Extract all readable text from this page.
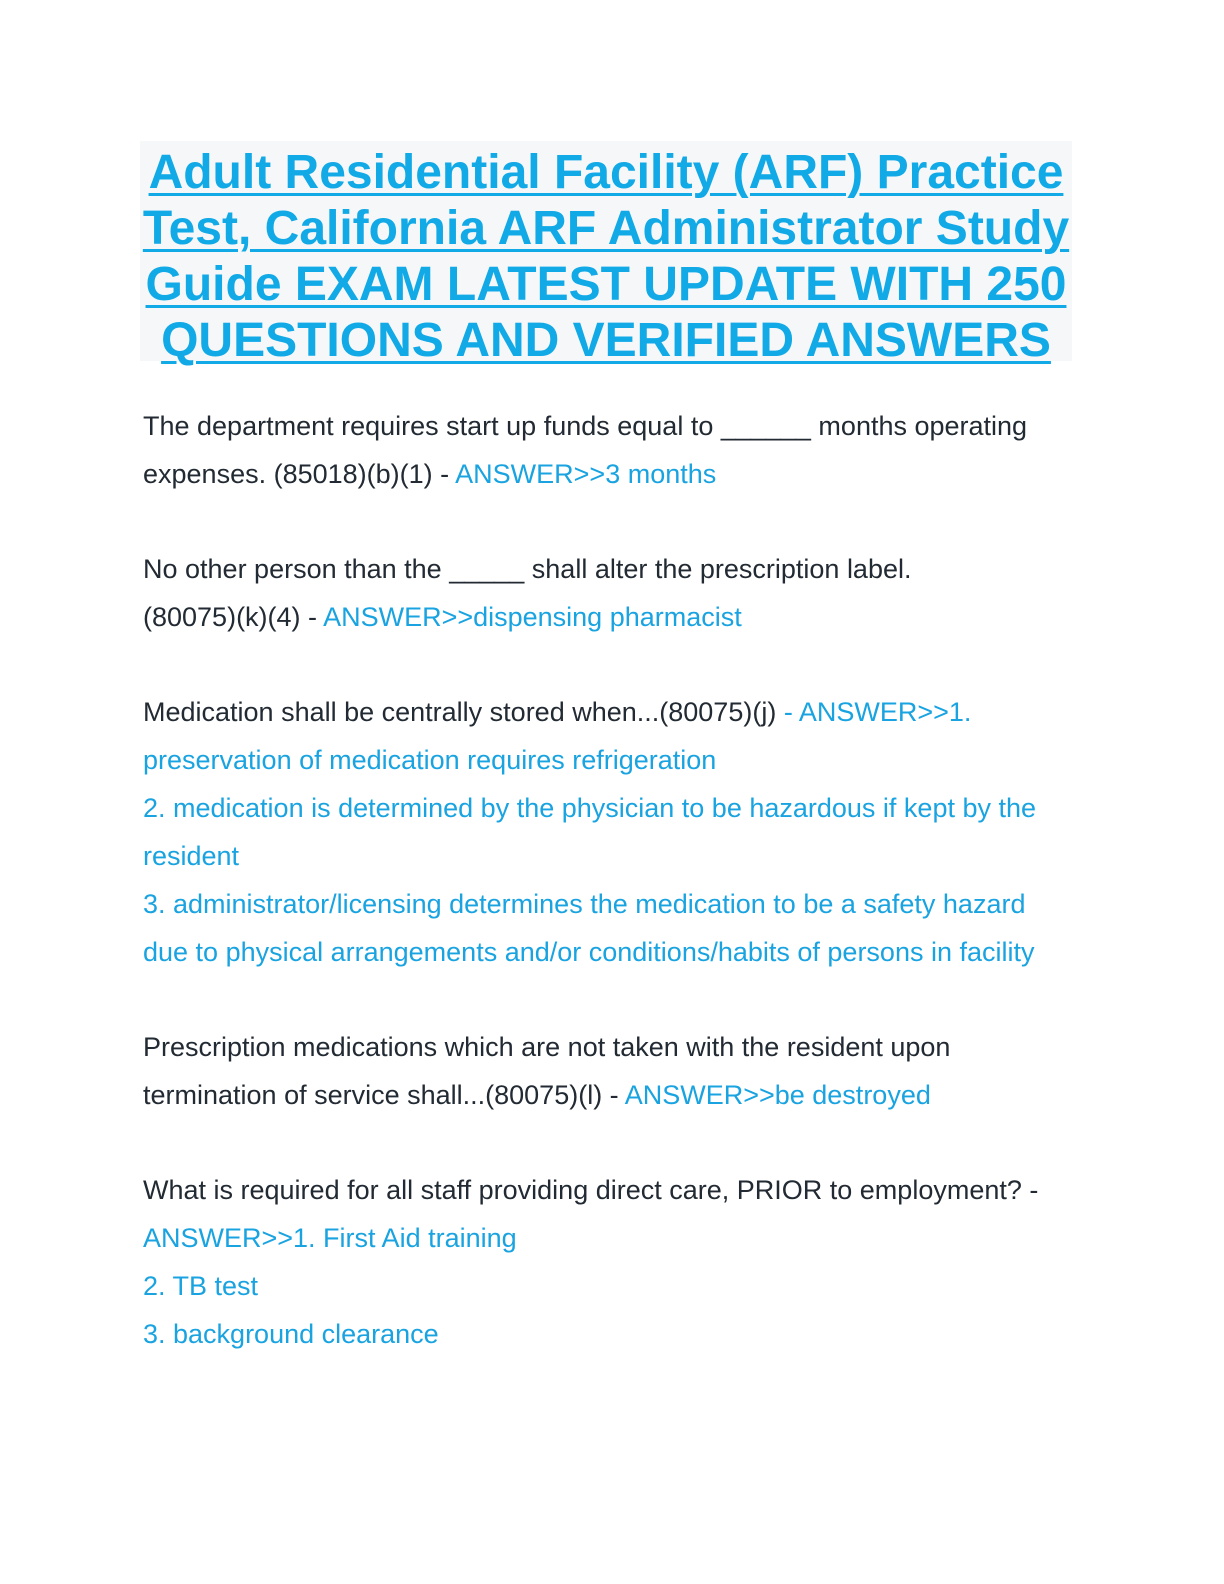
Adult Residential Facility (ARF) Practice
Test, California ARF Administrator Study
Guide EXAM LATEST UPDATE WITH 250
QUESTIONS AND VERIFIED ANSWERS
The department requires start up funds equal to ______ months operating
expenses. (85018)(b)(1) - ANSWER>>3 months
No other person than the _____ shall alter the prescription label.
(80075)(k)(4) - ANSWER>>dispensing pharmacist
Medication shall be centrally stored when...(80075)(j) - ANSWER>>1.
preservation of medication requires refrigeration
2. medication is determined by the physician to be hazardous if kept by the
resident
3. administrator/licensing determines the medication to be a safety hazard
due to physical arrangements and/or conditions/habits of persons in facility
Prescription medications which are not taken with the resident upon
termination of service shall...(80075)(l) - ANSWER>>be destroyed
What is required for all staff providing direct care, PRIOR to employment? -
ANSWER>>1. First Aid training
2. TB test
3. background clearance
